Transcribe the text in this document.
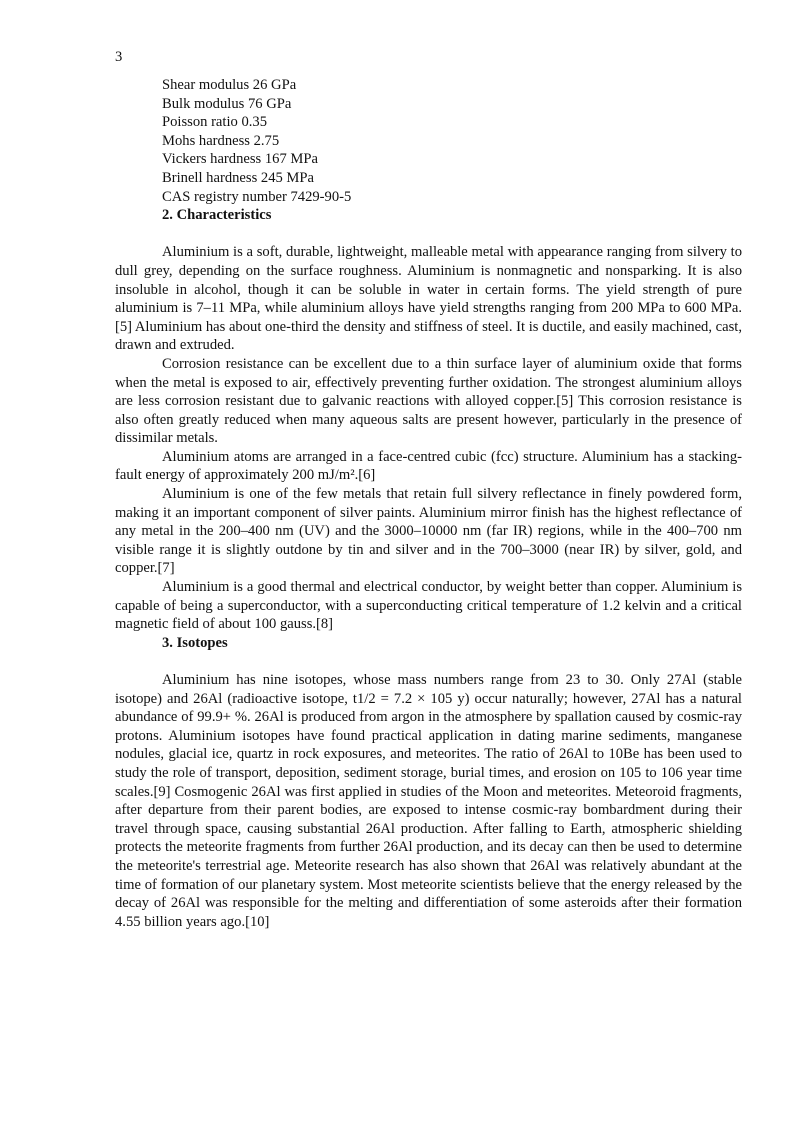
3
Shear modulus 26 GPa
Bulk modulus 76 GPa
Poisson ratio 0.35
Mohs hardness 2.75
Vickers hardness 167 MPa
Brinell hardness 245 MPa
CAS registry number 7429-90-5
2. Characteristics

Aluminium is a soft, durable, lightweight, malleable metal with appearance ranging from silvery to dull grey, depending on the surface roughness. Aluminium is nonmagnetic and nonsparking. It is also insoluble in alcohol, though it can be soluble in water in certain forms. The yield strength of pure aluminium is 7–11 MPa, while aluminium alloys have yield strengths ranging from 200 MPa to 600 MPa.[5] Aluminium has about one-third the density and stiffness of steel. It is ductile, and easily machined, cast, drawn and extruded.

Corrosion resistance can be excellent due to a thin surface layer of aluminium oxide that forms when the metal is exposed to air, effectively preventing further oxidation. The strongest aluminium alloys are less corrosion resistant due to galvanic reactions with alloyed copper.[5] This corrosion resistance is also often greatly reduced when many aqueous salts are present however, particularly in the presence of dissimilar metals.

Aluminium atoms are arranged in a face-centred cubic (fcc) structure. Aluminium has a stacking-fault energy of approximately 200 mJ/m².[6]

Aluminium is one of the few metals that retain full silvery reflectance in finely powdered form, making it an important component of silver paints. Aluminium mirror finish has the highest reflectance of any metal in the 200–400 nm (UV) and the 3000–10000 nm (far IR) regions, while in the 400–700 nm visible range it is slightly outdone by tin and silver and in the 700–3000 (near IR) by silver, gold, and copper.[7]

Aluminium is a good thermal and electrical conductor, by weight better than copper. Aluminium is capable of being a superconductor, with a superconducting critical temperature of 1.2 kelvin and a critical magnetic field of about 100 gauss.[8]

3. Isotopes

Aluminium has nine isotopes, whose mass numbers range from 23 to 30. Only 27Al (stable isotope) and 26Al (radioactive isotope, t1/2 = 7.2 × 105 y) occur naturally; however, 27Al has a natural abundance of 99.9+ %. 26Al is produced from argon in the atmosphere by spallation caused by cosmic-ray protons. Aluminium isotopes have found practical application in dating marine sediments, manganese nodules, glacial ice, quartz in rock exposures, and meteorites. The ratio of 26Al to 10Be has been used to study the role of transport, deposition, sediment storage, burial times, and erosion on 105 to 106 year time scales.[9] Cosmogenic 26Al was first applied in studies of the Moon and meteorites. Meteoroid fragments, after departure from their parent bodies, are exposed to intense cosmic-ray bombardment during their travel through space, causing substantial 26Al production. After falling to Earth, atmospheric shielding protects the meteorite fragments from further 26Al production, and its decay can then be used to determine the meteorite's terrestrial age. Meteorite research has also shown that 26Al was relatively abundant at the time of formation of our planetary system. Most meteorite scientists believe that the energy released by the decay of 26Al was responsible for the melting and differentiation of some asteroids after their formation 4.55 billion years ago.[10]
